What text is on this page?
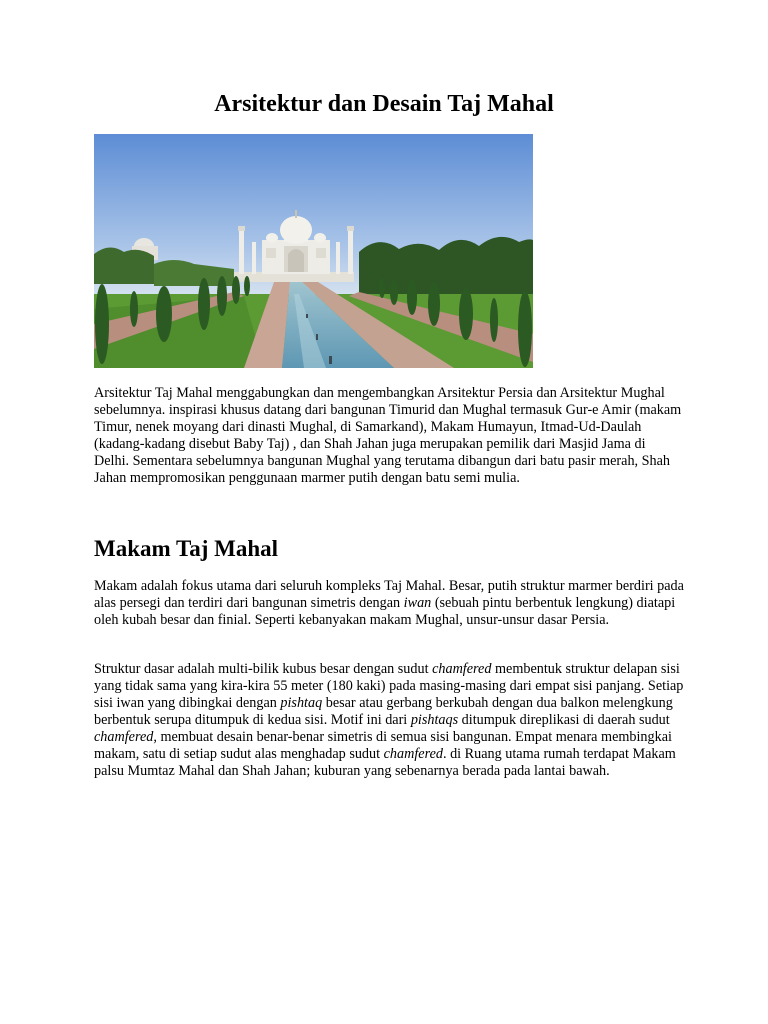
Arsitektur dan Desain Taj Mahal

Arsitektur Taj Mahal menggabungkan dan mengembangkan Arsitektur Persia dan Arsitektur Mughal sebelumnya. inspirasi khusus datang dari bangunan Timurid dan Mughal termasuk Gur-e Amir (makam Timur, nenek moyang dari dinasti Mughal, di Samarkand), Makam Humayun, Itmad-Ud-Daulah (kadang-kadang disebut Baby Taj) , dan Shah Jahan juga merupakan pemilik dari Masjid Jama di Delhi. Sementara sebelumnya bangunan Mughal yang terutama dibangun dari batu pasir merah, Shah Jahan mempromosikan penggunaan marmer putih dengan batu semi mulia.

Makam Taj Mahal

Makam adalah fokus utama dari seluruh kompleks Taj Mahal. Besar, putih struktur marmer berdiri pada alas persegi dan terdiri dari bangunan simetris dengan iwan (sebuah pintu berbentuk lengkung) diatapi oleh kubah besar dan finial. Seperti kebanyakan makam Mughal, unsur-unsur dasar Persia.

Struktur dasar adalah multi-bilik kubus besar dengan sudut chamfered membentuk struktur delapan sisi yang tidak sama yang kira-kira 55 meter (180 kaki) pada masing-masing dari empat sisi panjang. Setiap sisi iwan yang dibingkai dengan pishtaq besar atau gerbang berkubah dengan dua balkon melengkung berbentuk serupa ditumpuk di kedua sisi. Motif ini dari pishtaqs ditumpuk direplikasi di daerah sudut chamfered, membuat desain benar-benar simetris di semua sisi bangunan. Empat menara membingkai makam, satu di setiap sudut alas menghadap sudut chamfered. di Ruang utama rumah terdapat Makam palsu Mumtaz Mahal dan Shah Jahan; kuburan yang sebenarnya berada pada lantai bawah.
